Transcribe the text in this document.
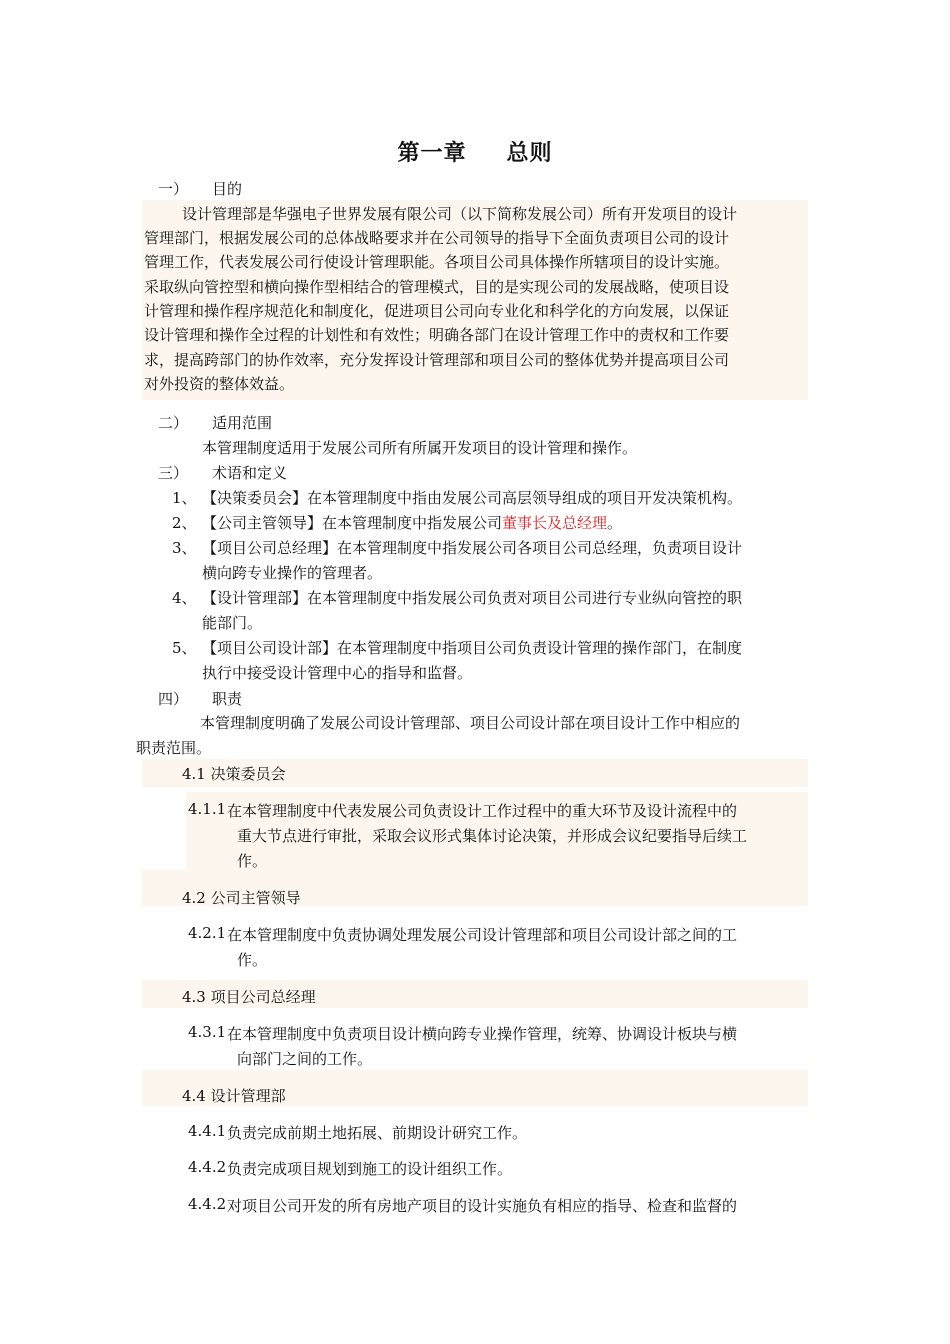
第一章 总则
一） 目的
设计管理部是华强电子世界发展有限公司（以下简称发展公司）所有开发项目的设计
管理部门，根据发展公司的总体战略要求并在公司领导的指导下全面负责项目公司的设计
管理工作，代表发展公司行使设计管理职能。各项目公司具体操作所辖项目的设计实施。
采取纵向管控型和横向操作型相结合的管理模式，目的是实现公司的发展战略，使项目设
计管理和操作程序规范化和制度化，促进项目公司向专业化和科学化的方向发展，以保证
设计管理和操作全过程的计划性和有效性；明确各部门在设计管理工作中的责权和工作要
求，提高跨部门的协作效率，充分发挥设计管理部和项目公司的整体优势并提高项目公司
对外投资的整体效益。
二） 适用范围
本管理制度适用于发展公司所有所属开发项目的设计管理和操作。
三） 术语和定义
1、 【决策委员会】在本管理制度中指由发展公司高层领导组成的项目开发决策机构。
2、 【公司主管领导】在本管理制度中指发展公司董事长及总经理。
3、 【项目公司总经理】在本管理制度中指发展公司各项目公司总经理，负责项目设计
横向跨专业操作的管理者。
4、 【设计管理部】在本管理制度中指发展公司负责对项目公司进行专业纵向管控的职
能部门。
5、 【项目公司设计部】在本管理制度中指项目公司负责设计管理的操作部门，在制度
执行中接受设计管理中心的指导和监督。
四） 职责
本管理制度明确了发展公司设计管理部、项目公司设计部在项目设计工作中相应的
职责范围。
4.1 决策委员会
4.1.1 在本管理制度中代表发展公司负责设计工作过程中的重大环节及设计流程中的
重大节点进行审批，采取会议形式集体讨论决策，并形成会议纪要指导后续工
作。
4.2 公司主管领导
4.2.1 在本管理制度中负责协调处理发展公司设计管理部和项目公司设计部之间的工
作。
4.3 项目公司总经理
4.3.1 在本管理制度中负责项目设计横向跨专业操作管理，统筹、协调设计板块与横
向部门之间的工作。
4.4 设计管理部
4.4.1 负责完成前期土地拓展、前期设计研究工作。
4.4.2 负责完成项目规划到施工的设计组织工作。
4.4.2 对项目公司开发的所有房地产项目的设计实施负有相应的指导、检查和监督的
